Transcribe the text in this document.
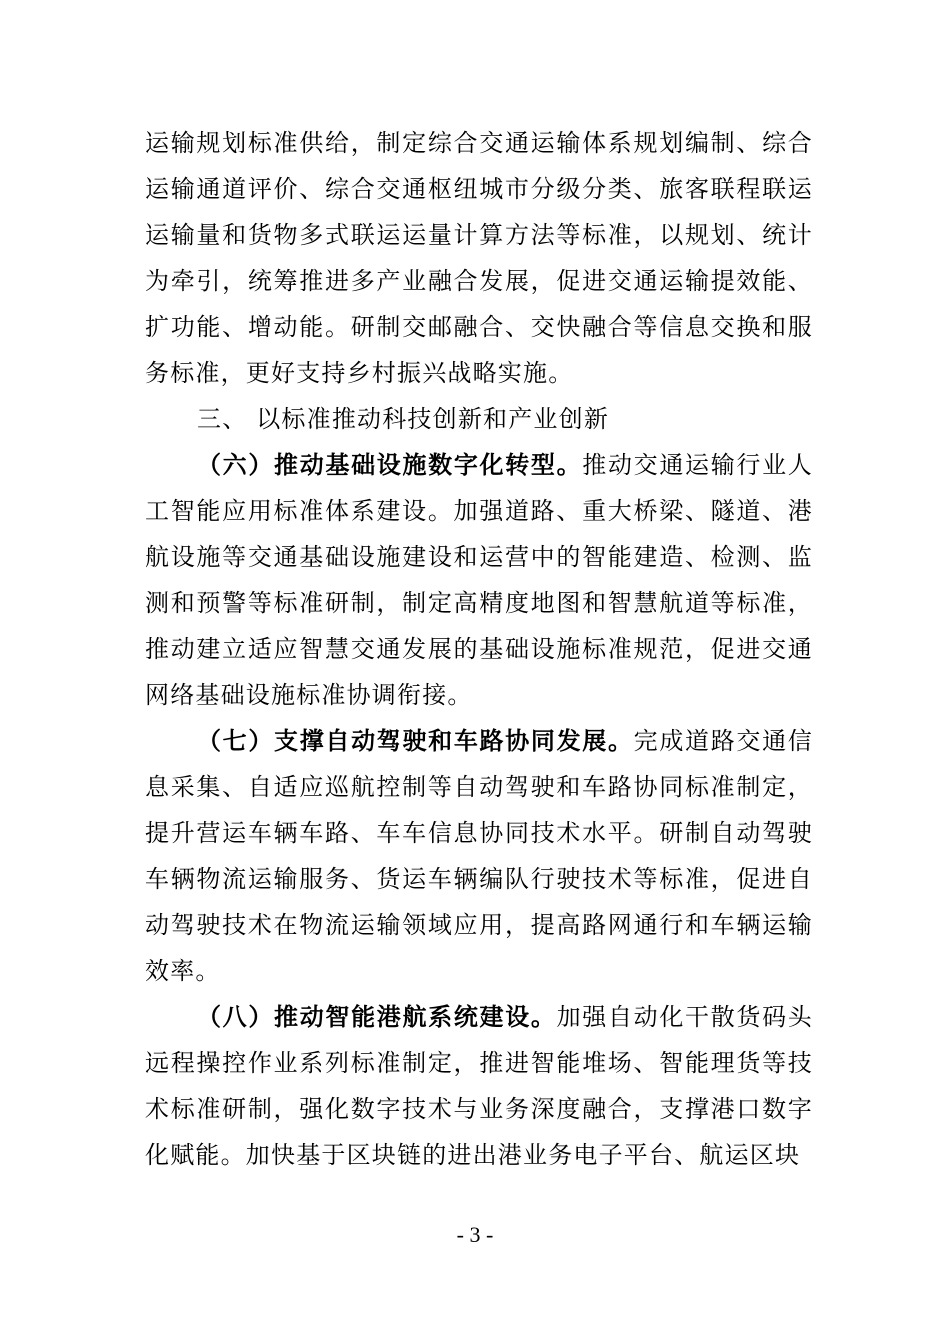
运输规划标准供给，制定综合交通运输体系规划编制、综合运输通道评价、综合交通枢纽城市分级分类、旅客联程联运运输量和货物多式联运运量计算方法等标准，以规划、统计为牵引，统筹推进多产业融合发展，促进交通运输提效能、扩功能、增动能。研制交邮融合、交快融合等信息交换和服务标准，更好支持乡村振兴战略实施。

三、 以标准推动科技创新和产业创新

（六）推动基础设施数字化转型。推动交通运输行业人工智能应用标准体系建设。加强道路、重大桥梁、隧道、港航设施等交通基础设施建设和运营中的智能建造、检测、监测和预警等标准研制，制定高精度地图和智慧航道等标准，推动建立适应智慧交通发展的基础设施标准规范，促进交通网络基础设施标准协调衔接。

（七）支撑自动驾驶和车路协同发展。完成道路交通信息采集、自适应巡航控制等自动驾驶和车路协同标准制定，提升营运车辆车路、车车信息协同技术水平。研制自动驾驶车辆物流运输服务、货运车辆编队行驶技术等标准，促进自动驾驶技术在物流运输领域应用，提高路网通行和车辆运输效率。

（八）推动智能港航系统建设。加强自动化干散货码头远程操控作业系列标准制定，推进智能堆场、智能理货等技术标准研制，强化数字技术与业务深度融合，支撑港口数字化赋能。加快基于区块链的进出港业务电子平台、航运区块

- 3 -
